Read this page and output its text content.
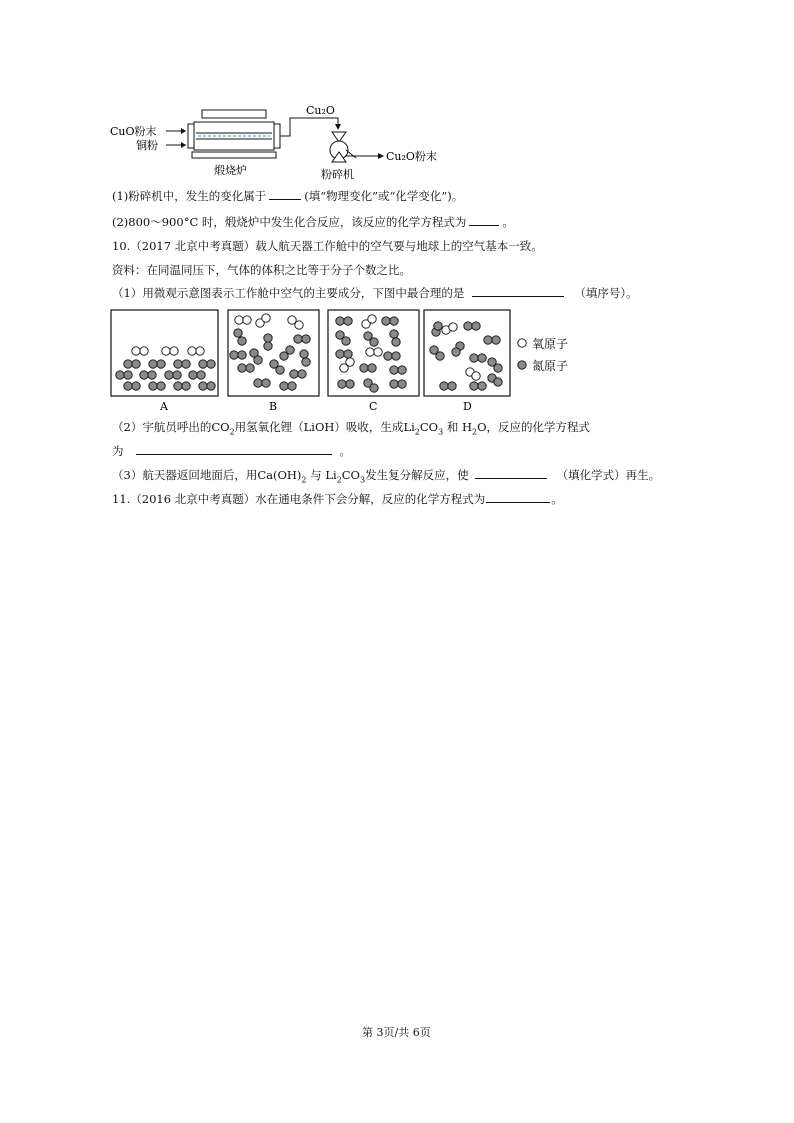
CuO粉末
铜粉
煅烧炉
Cu₂O
Cu₂O粉末
粉碎机
(1)粉碎机中，发生的变化属于	(填“物理变化”或“化学变化”)。
(2)800～900°C 时，煅烧炉中发生化合反应，该反应的化学方程式为	。
10.（2017 北京中考真题）载人航天器工作舱中的空气要与地球上的空气基本一致。
资料：在同温同压下，气体的体积之比等于分子个数之比。
（1）用微观示意图表示工作舱中空气的主要成分，下图中最合理的是	（填序号）。
氧原子
氮原子
A	B	C	D
（2）宇航员呼出的$CO_2$用氢氧化锂（LiOH）吸收，生成$Li_2CO_3$ 和 $H_2O$，反应的化学方程式
为	。
（3）航天器返回地面后，用$Ca(OH)_2$ 与 $Li_2CO_3$发生复分解反应，使	（填化学式）再生。
11.（2016 北京中考真题）水在通电条件下会分解，反应的化学方程式为	。
第 3页/共 6页
